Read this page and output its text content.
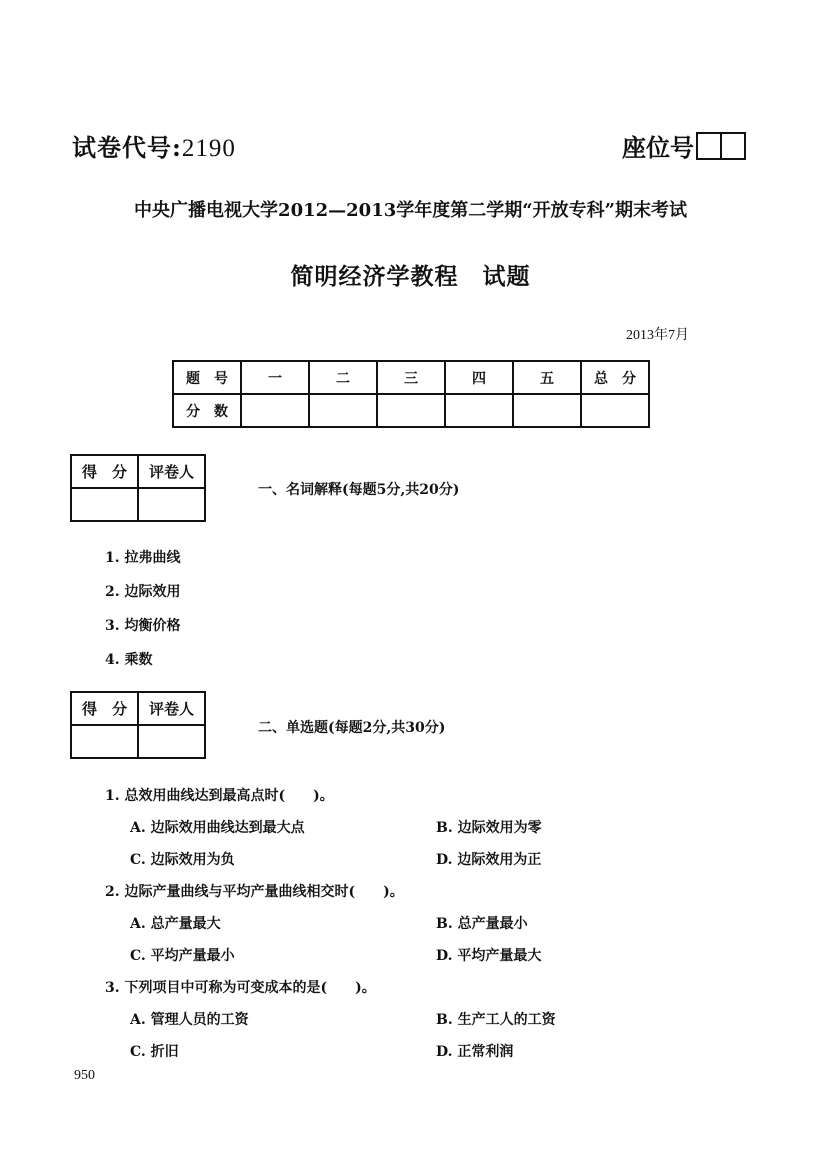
试卷代号:2190	座位号
中央广播电视大学2012—2013学年度第二学期“开放专科”期末考试
简明经济学教程　试题
2013年7月
题　号	一	二	三	四	五	总　分
分　数						
得　分	评卷人

一、名词解释(每题5分,共20分)
1. 拉弗曲线
2. 边际效用
3. 均衡价格
4. 乘数
得　分	评卷人

二、单选题(每题2分,共30分)
1. 总效用曲线达到最高点时(　　)。
A. 边际效用曲线达到最大点	B. 边际效用为零
C. 边际效用为负	D. 边际效用为正
2. 边际产量曲线与平均产量曲线相交时(　　)。
A. 总产量最大	B. 总产量最小
C. 平均产量最小	D. 平均产量最大
3. 下列项目中可称为可变成本的是(　　)。
A. 管理人员的工资	B. 生产工人的工资
C. 折旧	D. 正常利润
950
